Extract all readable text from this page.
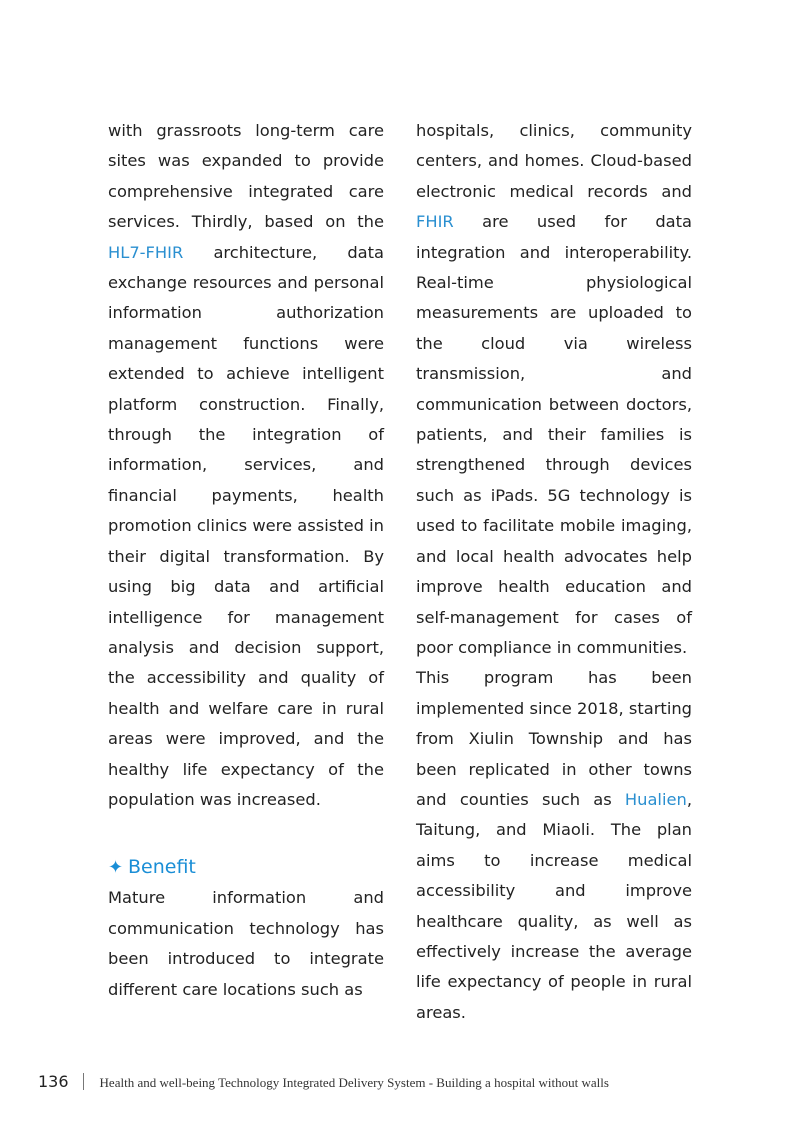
with grassroots long-term care sites was expanded to provide comprehensive integrated care services. Thirdly, based on the HL7-FHIR architecture, data exchange resources and personal information authorization management functions were extended to achieve intelligent platform construction. Finally, through the integration of information, services, and financial payments, health promotion clinics were assisted in their digital transformation. By using big data and artificial intelligence for management analysis and decision support, the accessibility and quality of health and welfare care in rural areas were improved, and the healthy life expectancy of the population was increased.

✦ Benefit

Mature information and communication technology has been introduced to integrate different care locations such as

hospitals, clinics, community centers, and homes. Cloud-based electronic medical records and FHIR are used for data integration and interoperability. Real-time physiological measurements are uploaded to the cloud via wireless transmission, and communication between doctors, patients, and their families is strengthened through devices such as iPads. 5G technology is used to facilitate mobile imaging, and local health advocates help improve health education and self-management for cases of poor compliance in communities.

This program has been implemented since 2018, starting from Xiulin Township and has been replicated in other towns and counties such as Hualien, Taitung, and Miaoli. The plan aims to increase medical accessibility and improve healthcare quality, as well as effectively increase the average life expectancy of people in rural areas.

136 Health and well-being Technology Integrated Delivery System - Building a hospital without walls
